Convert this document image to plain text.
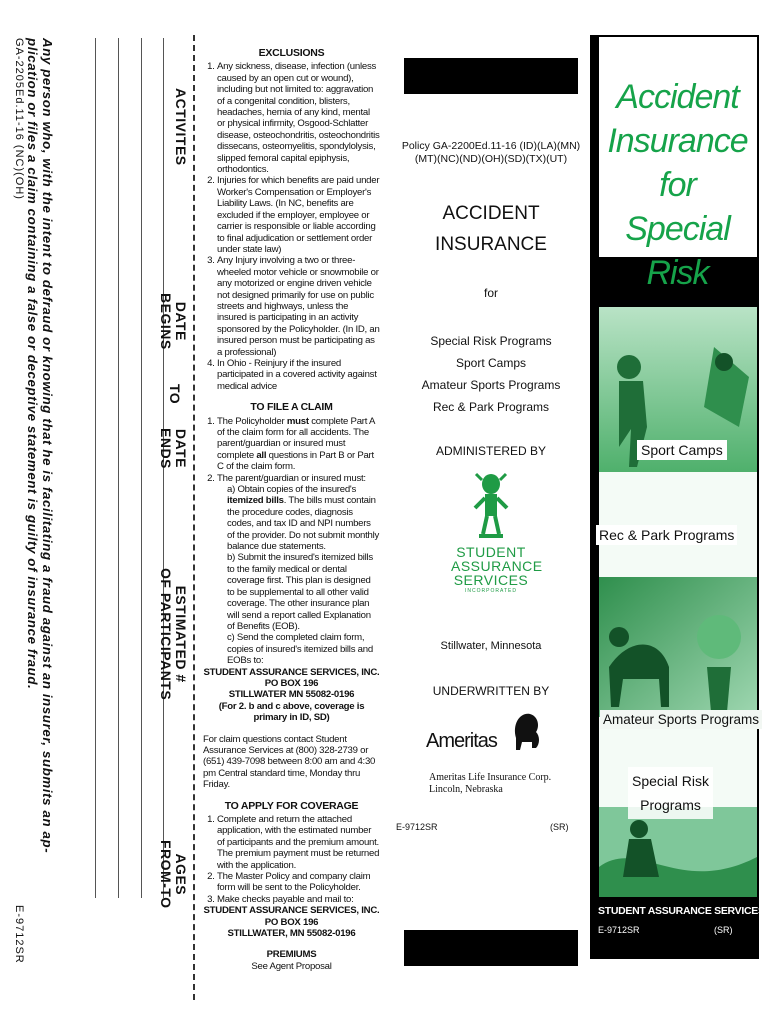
Any person who, with the intent to defraud or knowing that he is facilitating a fraud against an insurer, submits an ap-
plication or files a claim containing a false or deceptive statement is guilty of insurance fraud.
GA-2205Ed.11-16 (NC)(OH)
E-9712SR
ACTIVITES
DATE
BEGINS
TO
DATE
ENDS
ESTIMATED #
OF PARTICIPANTS
AGES
FROM-TO
EXCLUSIONS
1. Any sickness, disease, infection (unless caused by an open cut or wound), including but not limited to: aggravation of a congenital condition, blisters, headaches, hernia of any kind, mental or physical infirmity, Osgood-Schlatter disease, osteochondritis, osteochondritis dissecans, osteomyelitis, spondylolysis, slipped femoral capital epiphysis, orthodontics.
2. Injuries for which benefits are paid under Worker's Compensation or Employer's Liability Laws. (In NC, benefits are excluded if the employer, employee or carrier is responsible or liable according to final adjudication or settlement order under state law)
3. Any Injury involving a two or three-wheeled motor vehicle or snowmobile or any motorized or engine driven vehicle not designed primarily for use on public streets and highways, unless the insured is participating in an activity sponsored by the Policyholder. (In ID, an insured person must be participating as a professional)
4. In Ohio - Reinjury if the insured participated in a covered activity against medical advice
TO FILE A CLAIM
1. The Policyholder must complete Part A of the claim form for all accidents. The parent/guardian or insured must complete all questions in Part B or Part C of the claim form.
2. The parent/guardian or insured must:
a) Obtain copies of the insured's itemized bills. The bills must contain the procedure codes, diagnosis codes, and tax ID and NPI numbers of the provider. Do not submit monthly balance due statements.
b) Submit the insured's itemized bills to the family medical or dental coverage first. This plan is designed to be supplemental to all other valid coverage. The other insurance plan will send a report called Explanation of Benefits (EOB).
c) Send the completed claim form, copies of insured's itemized bills and EOBs to:

STUDENT ASSURANCE SERVICES, INC.

PO BOX 196

STILLWATER MN 55082-0196

(For 2. b and c above, coverage is primary in ID, SD)

For claim questions contact Student Assurance Services at (800) 328-2739 or (651) 439-7098 between 8:00 am and 4:30 pm Central standard time, Monday thru Friday.

TO APPLY FOR COVERAGE
1. Complete and return the attached application, with the estimated number of participants and the premium amount. The premium payment must be returned with the application.
2. The Master Policy and company claim form will be sent to the Policyholder.
3. Make checks payable and mail to:

STUDENT ASSURANCE SERVICES, INC.

PO BOX 196

STILLWATER, MN 55082-0196

PREMIUMS

See Agent Proposal

Policy GA-2200Ed.11-16 (ID)(LA)(MN)
(MT)(NC)(ND)(OH)(SD)(TX)(UT)
ACCIDENT
INSURANCE
for
Special Risk Programs
Sport Camps
Amateur Sports Programs
Rec & Park Programs
ADMINISTERED BY
STUDENT
ASSURANCE
SERVICES
INCORPORATED
Stillwater, Minnesota
UNDERWRITTEN BY
Ameritas
Ameritas Life Insurance Corp.
Lincoln, Nebraska
E-9712SR	(SR)
Accident
Insurance for
Special Risk
Sport Camps
Rec & Park Programs
Amateur Sports Programs
Special Risk
Programs
STUDENT ASSURANCE SERVICES
E-9712SR	(SR)
